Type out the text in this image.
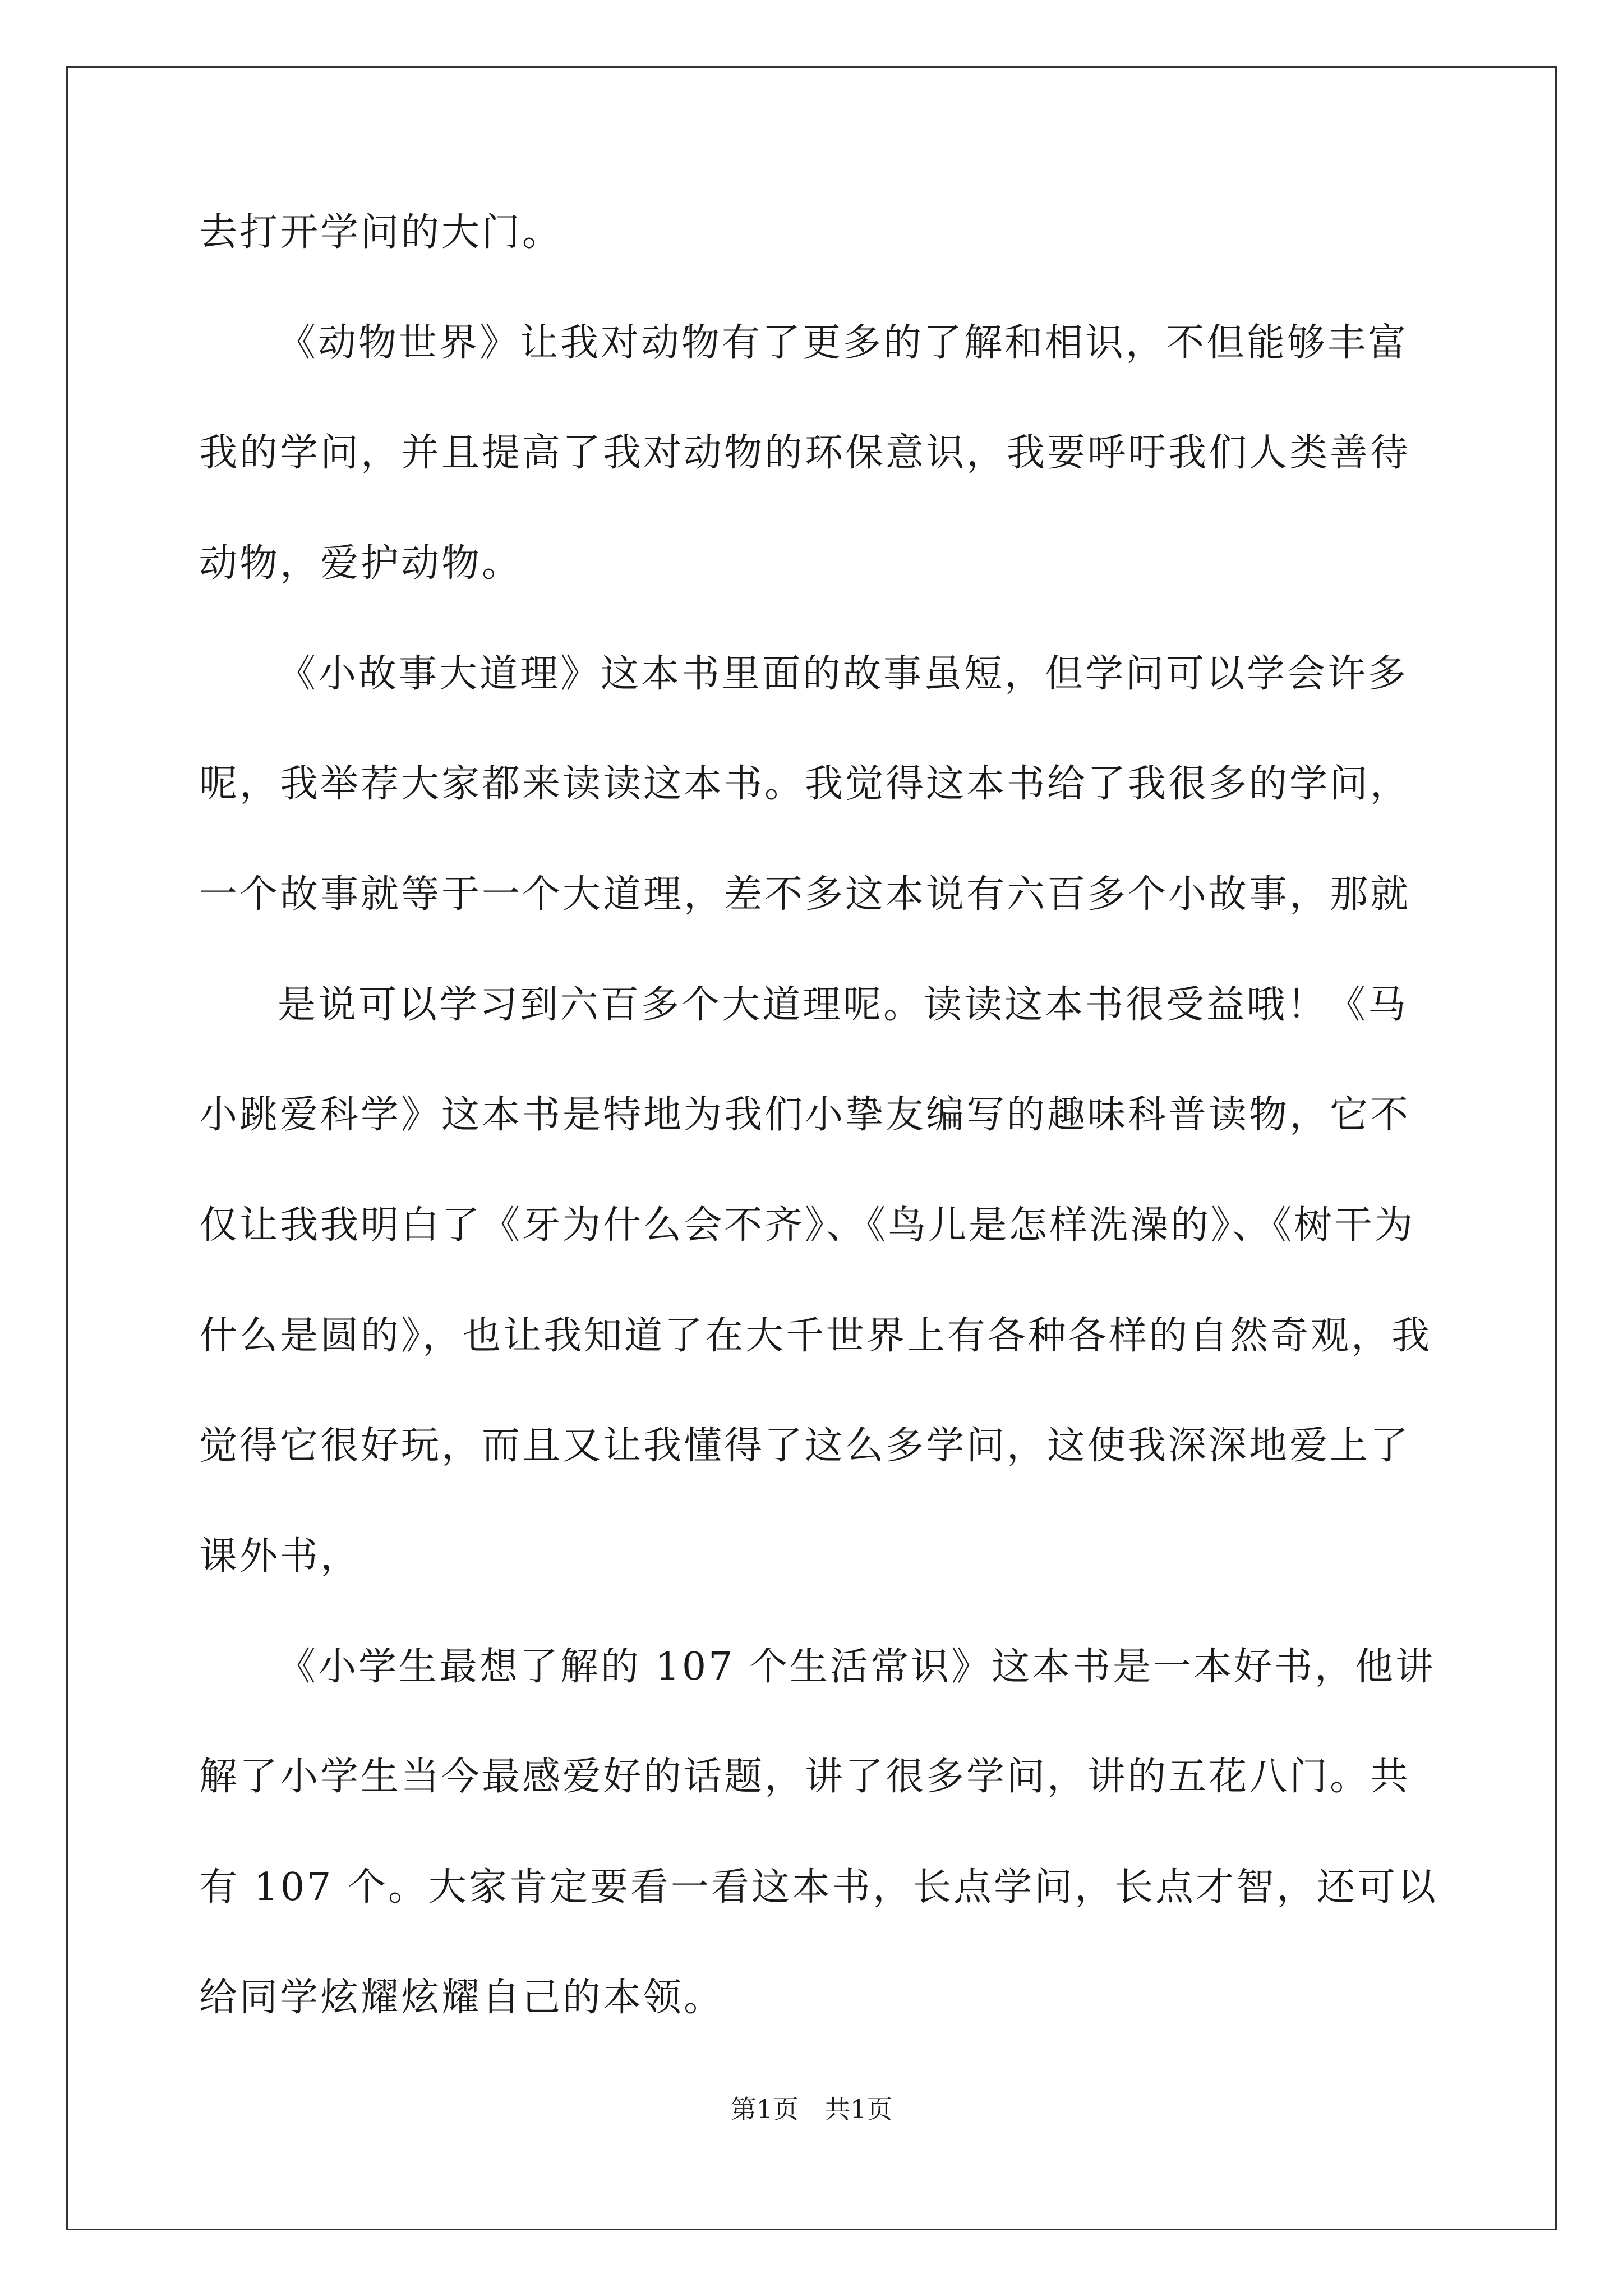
去打开学问的大门。
《动物世界》让我对动物有了更多的了解和相识，不但能够丰富
我的学问，并且提高了我对动物的环保意识，我要呼吁我们人类善待
动物，爱护动物。
《小故事大道理》这本书里面的故事虽短，但学问可以学会许多
呢，我举荐大家都来读读这本书。我觉得这本书给了我很多的学问，
一个故事就等于一个大道理，差不多这本说有六百多个小故事，那就
是说可以学习到六百多个大道理呢。读读这本书很受益哦！《马
小跳爱科学》这本书是特地为我们小挚友编写的趣味科普读物，它不
仅让我我明白了《牙为什么会不齐》、《鸟儿是怎样洗澡的》、《树干为
什么是圆的》，也让我知道了在大千世界上有各种各样的自然奇观，我
觉得它很好玩，而且又让我懂得了这么多学问，这使我深深地爱上了
课外书，
《小学生最想了解的 107 个生活常识》这本书是一本好书，他讲
解了小学生当今最感爱好的话题，讲了很多学问，讲的五花八门。共
有 107 个。大家肯定要看一看这本书，长点学问，长点才智，还可以
给同学炫耀炫耀自己的本领。
第1页 共1页
